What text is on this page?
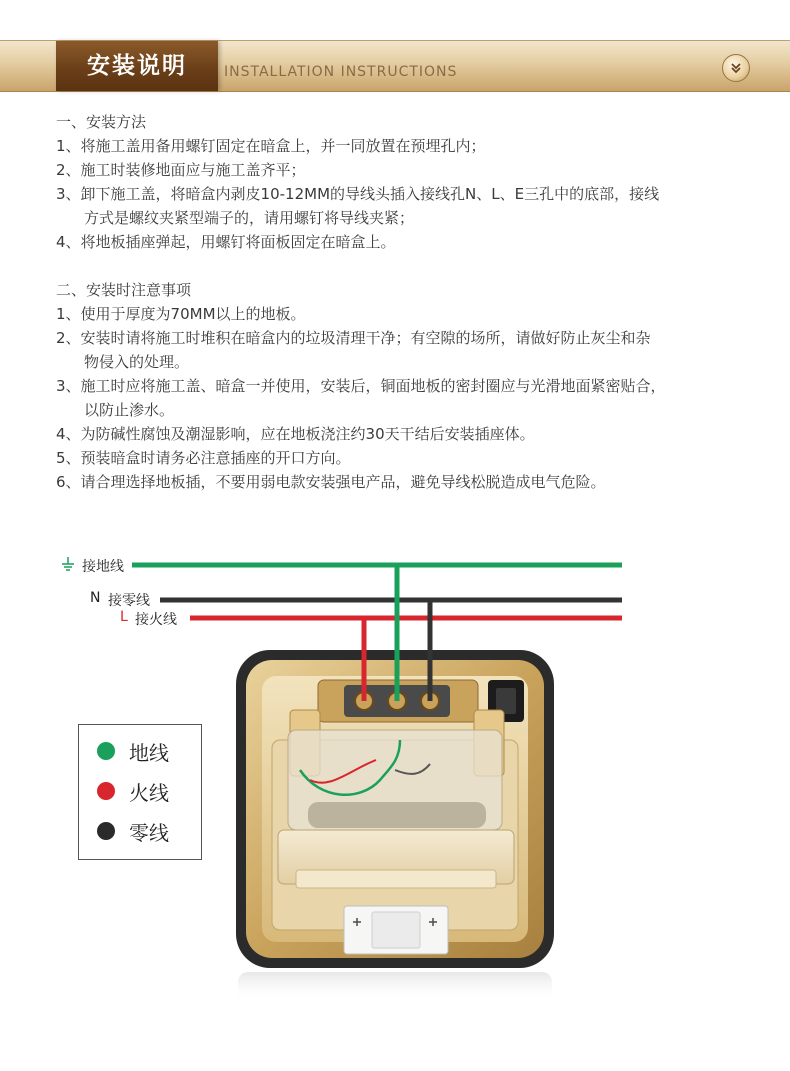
安装说明	INSTALLATION INSTRUCTIONS

一、安装方法

1、将施工盖用备用螺钉固定在暗盒上，并一同放置在预埋孔内；

2、施工时装修地面应与施工盖齐平；

3、卸下施工盖，将暗盒内剥皮10-12MM的导线头插入接线孔N、L、E三孔中的底部，接线

方式是螺纹夹紧型端子的，请用螺钉将导线夹紧；

4、将地板插座弹起，用螺钉将面板固定在暗盒上。

二、安装时注意事项

1、使用于厚度为70MM以上的地板。

2、安装时请将施工时堆积在暗盒内的垃圾清理干净；有空隙的场所，请做好防止灰尘和杂

物侵入的处理。

3、施工时应将施工盖、暗盒一并使用，安装后，铜面地板的密封圈应与光滑地面紧密贴合，

以防止渗水。

4、为防碱性腐蚀及潮湿影响，应在地板浇注约30天干结后安装插座体。

5、预装暗盒时请务必注意插座的开口方向。

6、请合理选择地板插，不要用弱电款安装强电产品，避免导线松脱造成电气危险。

接地线
N 接零线
L 接火线
地线
火线
零线
